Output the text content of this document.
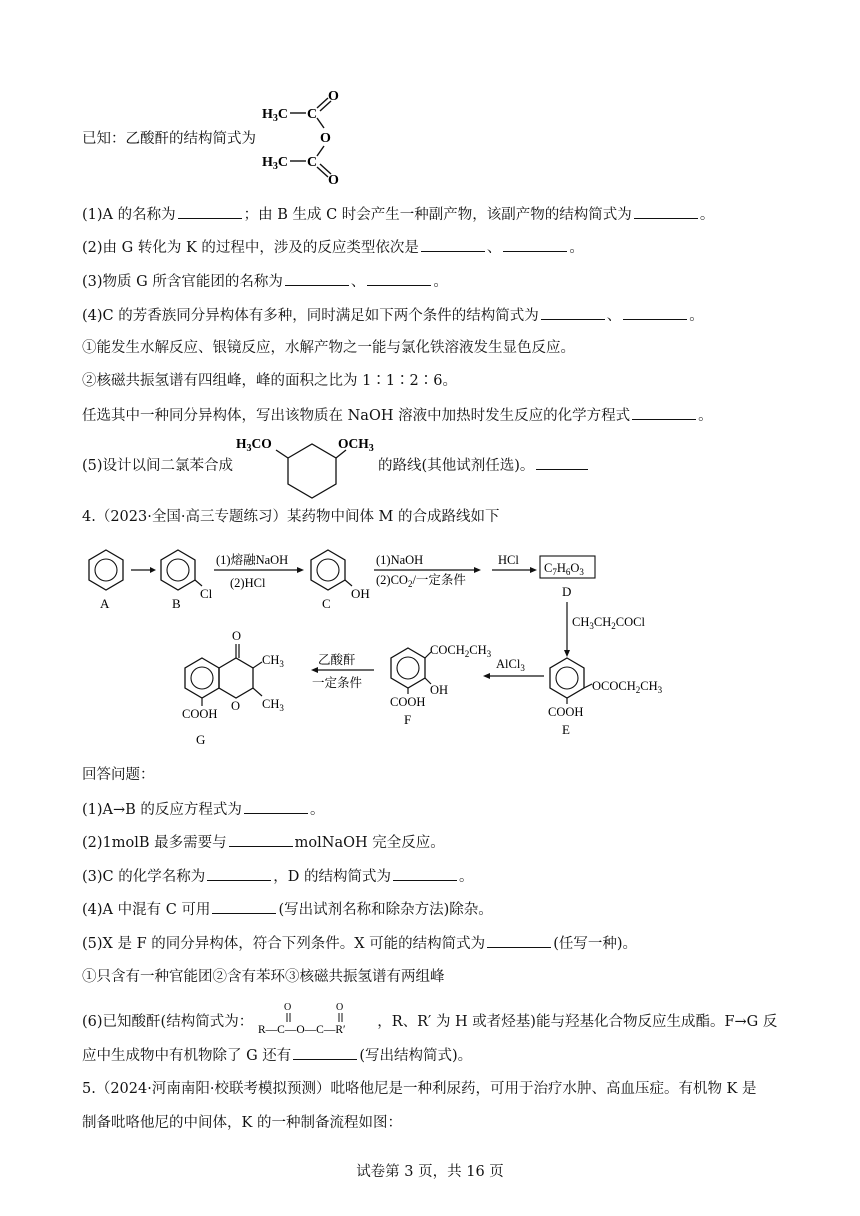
已知：乙酸酐的结构简式为
$H_3C$ C
O
O
$H_3C$ C
O
(1)A 的名称为	；由 B 生成 C 时会产生一种副产物，该副产物的结构简式为	。
(2)由 G 转化为 K 的过程中，涉及的反应类型依次是	、	。
(3)物质 G 所含官能团的名称为	、	。
(4)C 的芳香族同分异构体有多种，同时满足如下两个条件的结构简式为	、	。
①能发生水解反应、银镜反应，水解产物之一能与氯化铁溶液发生显色反应。
②核磁共振氢谱有四组峰，峰的面积之比为 1∶1∶2∶6。
任选其中一种同分异构体，写出该物质在 NaOH 溶液中加热时发生反应的化学方程式	。
(5)设计以间二氯苯合成	的路线(其他试剂任选)。
$H_3CO$	$OCH_3$
4.（2023·全国·高三专题练习）某药物中间体 M 的合成路线如下
A
Cl
B
(1)熔融NaOH
(2)HCl
OH
C
(1)NaOH
$(2)CO_2/$一定条件
HCl
$C_7H_6O_3$
D
$CH_3CH_2COCl$
$OCOCH_2CH_3$
COOH
E
AlCl$_3$
$COCH_2CH_3$
OH
COOH
F
乙酸酐
一定条件
O
$CH_3$
$CH_3$
O
COOH
G
回答问题：
(1)A→B 的反应方程式为	。
(2)1molB 最多需要与	molNaOH 完全反应。
(3)C 的化学名称为	，D 的结构简式为	。
(4)A 中混有 C 可用	(写出试剂名称和除杂方法)除杂。
(5)X 是 F 的同分异构体，符合下列条件。X 可能的结构简式为	(任写一种)。
①只含有一种官能团②含有苯环③核磁共振氢谱有两组峰
(6)已知酸酐(结构简式为：	，R、R′ 为 H 或者烃基)能与羟基化合物反应生成酯。F→G 反
O	O
R—C—O—C—R′
应中生成物中有机物除了 G 还有	(写出结构简式)。
5.（2024·河南南阳·校联考模拟预测）吡咯他尼是一种利尿药，可用于治疗水肿、高血压症。有机物 K 是
制备吡咯他尼的中间体，K 的一种制备流程如图：
试卷第 3 页，共 16 页
